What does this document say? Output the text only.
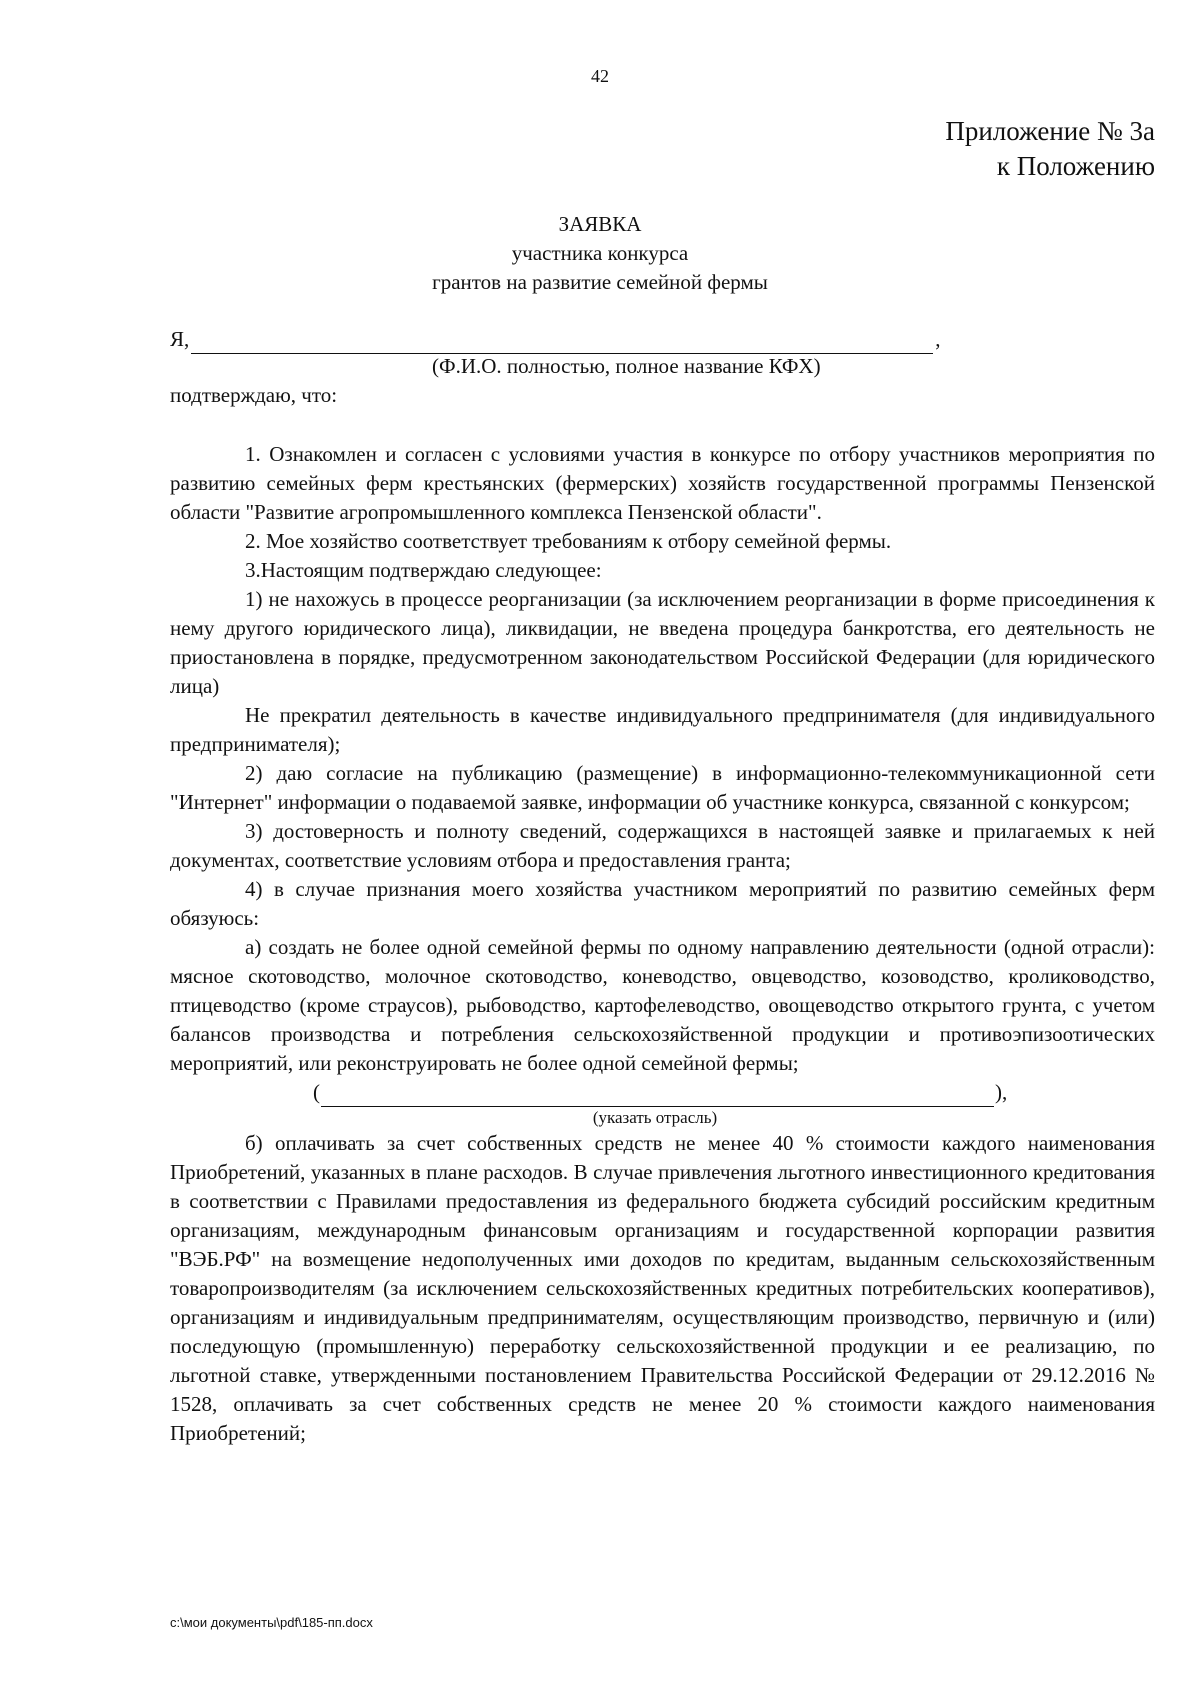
42
Приложение № 3а
к Положению
ЗАЯВКА
участника конкурса
грантов на развитие семейной фермы
Я,	,
(Ф.И.О. полностью, полное название КФХ)

подтверждаю, что:

1. Ознакомлен и согласен с условиями участия в конкурсе по отбору участников мероприятия по развитию семейных ферм крестьянских (фермерских) хозяйств государственной программы Пензенской области "Развитие агропромышленного комплекса Пензенской области".

2. Мое хозяйство соответствует требованиям к отбору семейной фермы.

3.Настоящим подтверждаю следующее:

1) не нахожусь в процессе реорганизации (за исключением реорганизации в форме присоединения к нему другого юридического лица), ликвидации, не введена процедура банкротства, его деятельность не приостановлена в порядке, предусмотренном законодательством Российской Федерации (для юридического лица)

Не прекратил деятельность в качестве индивидуального предпринимателя (для индивидуального предпринимателя);

2) даю согласие на публикацию (размещение) в информационно-телекоммуникационной сети "Интернет" информации о подаваемой заявке, информации об участнике конкурса, связанной с конкурсом;

3) достоверность и полноту сведений, содержащихся в настоящей заявке и прилагаемых к ней документах, соответствие условиям отбора и предоставления гранта;

4) в случае признания моего хозяйства участником мероприятий по развитию семейных ферм обязуюсь:

а) создать не более одной семейной фермы по одному направлению деятельности (одной отрасли): мясное скотоводство, молочное скотоводство, коневодство, овцеводство, козоводство, кролиководство, птицеводство (кроме страусов), рыбоводство, картофелеводство, овощеводство открытого грунта, с учетом балансов производства и потребления сельскохозяйственной продукции и противоэпизоотических мероприятий, или реконструировать не более одной семейной фермы;

(	),
(указать отрасль)

б) оплачивать за счет собственных средств не менее 40 % стоимости каждого наименования Приобретений, указанных в плане расходов. В случае привлечения льготного инвестиционного кредитования в соответствии с Правилами предоставления из федерального бюджета субсидий российским кредитным организациям, международным финансовым организациям и государственной корпорации развития "ВЭБ.РФ" на возмещение недополученных ими доходов по кредитам, выданным сельскохозяйственным товаропроизводителям (за исключением сельскохозяйственных кредитных потребительских кооперативов), организациям и индивидуальным предпринимателям, осуществляющим производство, первичную и (или) последующую (промышленную) переработку сельскохозяйственной продукции и ее реализацию, по льготной ставке, утвержденными постановлением Правительства Российской Федерации от 29.12.2016 № 1528, оплачивать за счет собственных средств не менее 20 % стоимости каждого наименования Приобретений;

c:\мои документы\pdf\185-пп.docx
